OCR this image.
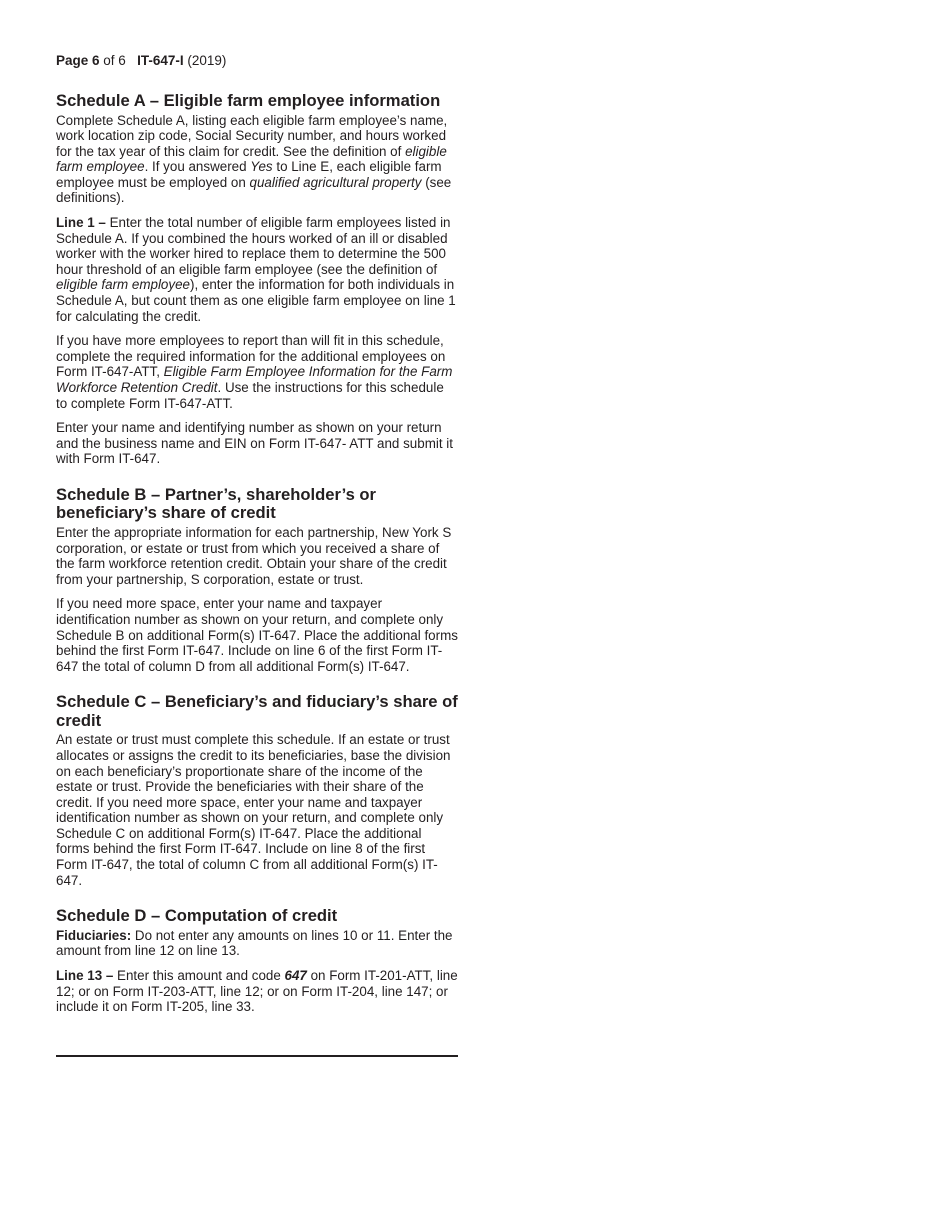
Page 6 of 6 IT-647-I (2019)
Schedule A – Eligible farm employee information

Complete Schedule A, listing each eligible farm employee’s name, work location zip code, Social Security number, and hours worked for the tax year of this claim for credit. See the definition of eligible farm employee. If you answered Yes to Line E, each eligible farm employee must be employed on qualified agricultural property (see definitions).

Line 1 – Enter the total number of eligible farm employees listed in Schedule A. If you combined the hours worked of an ill or disabled worker with the worker hired to replace them to determine the 500 hour threshold of an eligible farm employee (see the definition of eligible farm employee), enter the information for both individuals in Schedule A, but count them as one eligible farm employee on line 1 for calculating the credit.

If you have more employees to report than will fit in this schedule, complete the required information for the additional employees on Form IT-647-ATT, Eligible Farm Employee Information for the Farm Workforce Retention Credit. Use the instructions for this schedule to complete Form IT-647-ATT.

Enter your name and identifying number as shown on your return and the business name and EIN on Form IT-647- ATT and submit it with Form IT-647.

Schedule B – Partner’s, shareholder’s or beneficiary’s share of credit

Enter the appropriate information for each partnership, New York S corporation, or estate or trust from which you received a share of the farm workforce retention credit. Obtain your share of the credit from your partnership, S corporation, estate or trust.

If you need more space, enter your name and taxpayer identification number as shown on your return, and complete only Schedule B on additional Form(s) IT-647. Place the additional forms behind the first Form IT-647. Include on line 6 of the first Form IT-647 the total of column D from all additional Form(s) IT-647.

Schedule C – Beneficiary’s and fiduciary’s share of credit

An estate or trust must complete this schedule. If an estate or trust allocates or assigns the credit to its beneficiaries, base the division on each beneficiary’s proportionate share of the income of the estate or trust. Provide the beneficiaries with their share of the credit. If you need more space, enter your name and taxpayer identification number as shown on your return, and complete only Schedule C on additional Form(s) IT-647. Place the additional forms behind the first Form IT-647. Include on line 8 of the first Form IT-647, the total of column C from all additional Form(s) IT-647.

Schedule D – Computation of credit

Fiduciaries: Do not enter any amounts on lines 10 or 11. Enter the amount from line 12 on line 13.

Line 13 – Enter this amount and code 647 on Form IT-201-ATT, line 12; or on Form IT-203-ATT, line 12; or on Form IT-204, line 147; or include it on Form IT-205, line 33.
